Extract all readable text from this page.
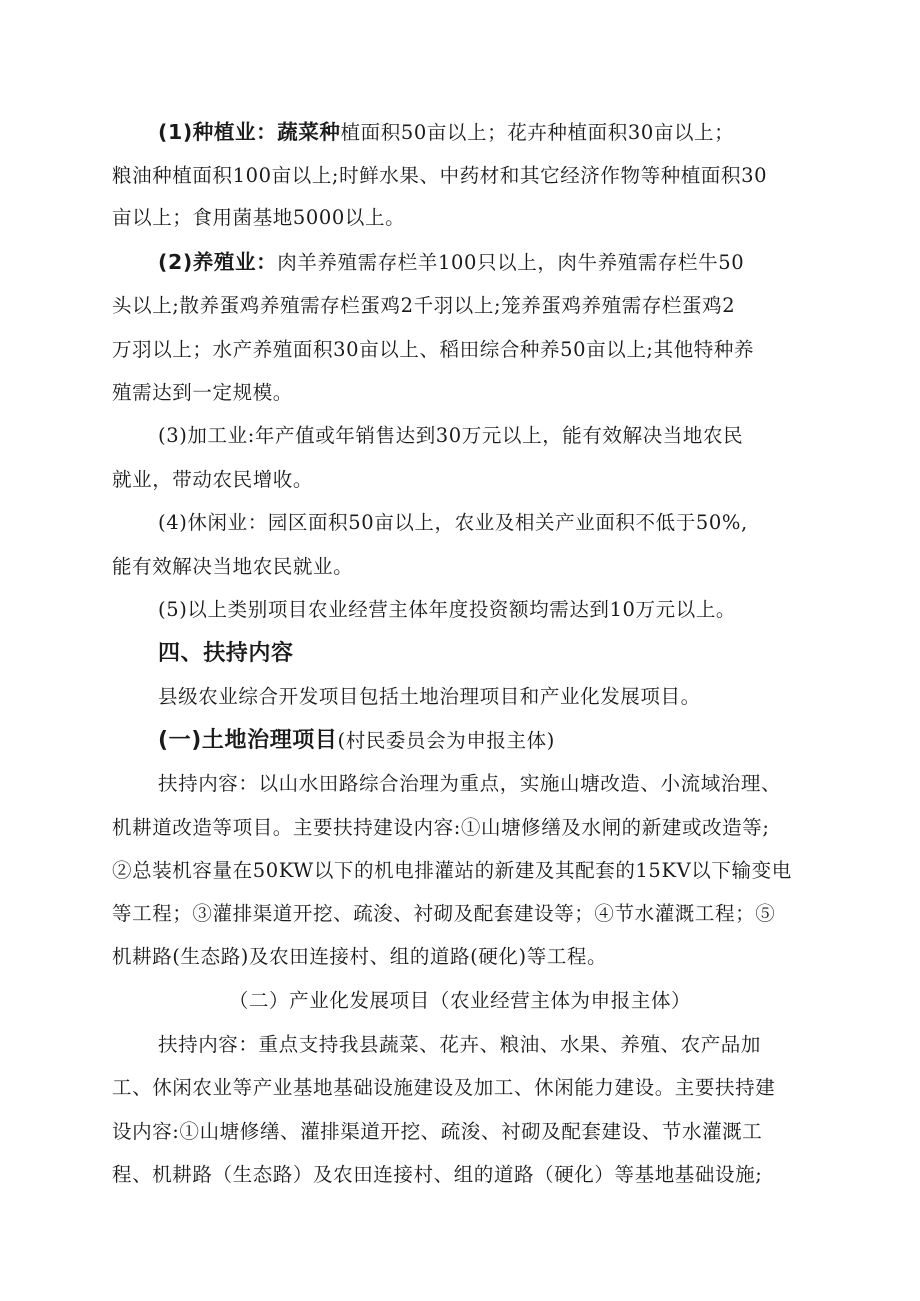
(1)种植业：蔬菜种植面积50亩以上；花卉种植面积30亩以上；
粮油种植面积100亩以上;时鲜水果、中药材和其它经济作物等种植面积30
亩以上；食用菌基地5000以上。
(2)养殖业：肉羊养殖需存栏羊100只以上，肉牛养殖需存栏牛50
头以上;散养蛋鸡养殖需存栏蛋鸡2千羽以上;笼养蛋鸡养殖需存栏蛋鸡2
万羽以上；水产养殖面积30亩以上、稻田综合种养50亩以上;其他特种养
殖需达到一定规模。
(3)加工业:年产值或年销售达到30万元以上，能有效解决当地农民
就业，带动农民增收。
(4)休闲业：园区面积50亩以上，农业及相关产业面积不低于50%,
能有效解决当地农民就业。
(5)以上类别项目农业经营主体年度投资额均需达到10万元以上。
四、扶持内容
县级农业综合开发项目包括土地治理项目和产业化发展项目。
(一)土地治理项目(村民委员会为申报主体)
扶持内容：以山水田路综合治理为重点，实施山塘改造、小流域治理、
机耕道改造等项目。主要扶持建设内容:①山塘修缮及水闸的新建或改造等;
②总装机容量在50KW以下的机电排灌站的新建及其配套的15KV以下输变电
等工程；③灌排渠道开挖、疏浚、衬砌及配套建设等；④节水灌溉工程；⑤
机耕路(生态路)及农田连接村、组的道路(硬化)等工程。
（二）产业化发展项目（农业经营主体为申报主体）
扶持内容：重点支持我县蔬菜、花卉、粮油、水果、养殖、农产品加
工、休闲农业等产业基地基础设施建设及加工、休闲能力建设。主要扶持建
设内容:①山塘修缮、灌排渠道开挖、疏浚、衬砌及配套建设、节水灌溉工
程、机耕路（生态路）及农田连接村、组的道路（硬化）等基地基础设施;
